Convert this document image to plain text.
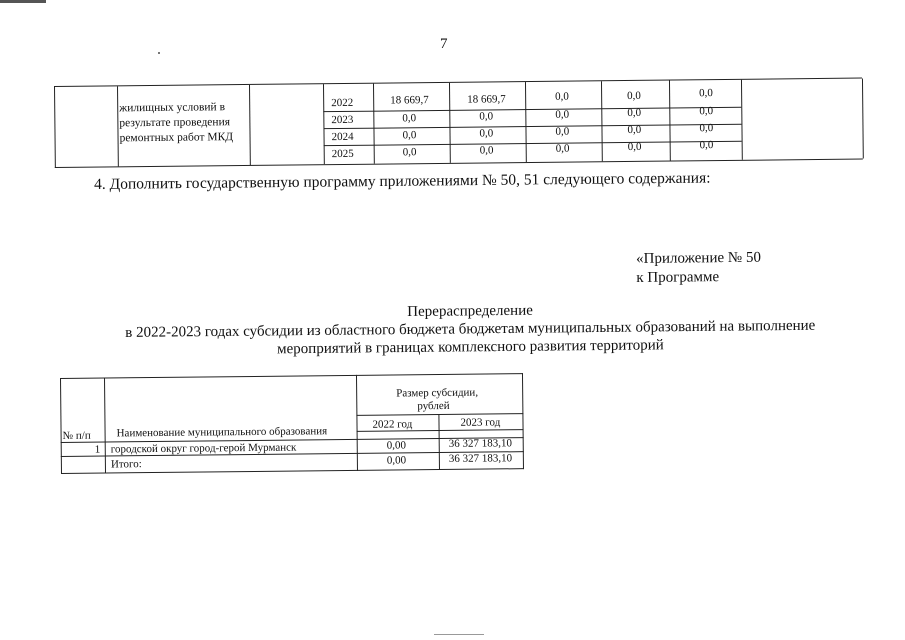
7
жилищных условий в
результате проведения
ремонтных работ МКД
2022	18 669,7	18 669,7	0,0	0,0	0,0
2023	0,0	0,0	0,0	0,0	0,0
2024	0,0	0,0	0,0	0,0	0,0
2025	0,0	0,0	0,0	0,0	0,0
4. Дополнить государственную программу приложениями № 50, 51 следующего содержания:
«Приложение № 50
к Программе
Перераспределение
в 2022-2023 годах субсидии из областного бюджета бюджетам муниципальных образований на выполнение
мероприятий в границах комплексного развития территорий
№ п/п Наименование муниципального образования
Размер субсидии,
рублей
2022 год	2023 год
1 городской округ город-герой Мурманск	0,00	36 327 183,10
Итого:	0,00	36 327 183,10
